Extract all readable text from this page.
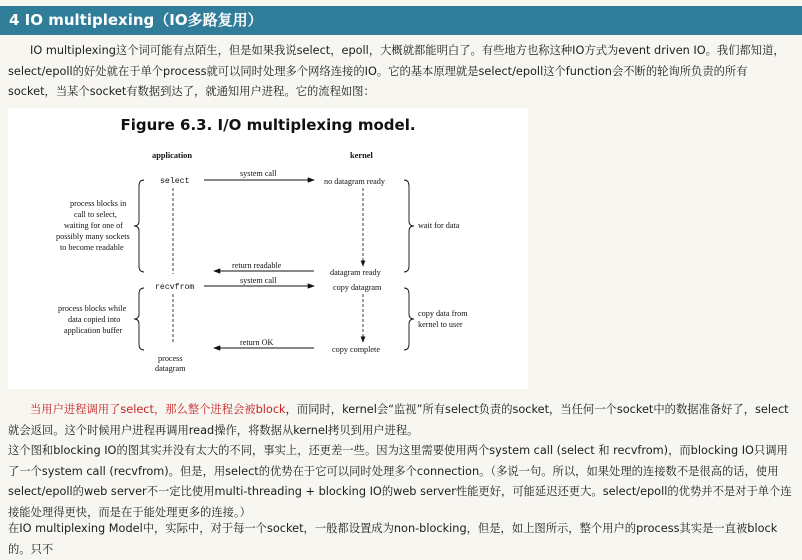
4 IO multiplexing（IO多路复用）
IO multiplexing这个词可能有点陌生，但是如果我说select，epoll，大概就都能明白了。有些地方也称这种IO方式为event driven IO。我们都知道，select/epoll的好处就在于单个process就可以同时处理多个网络连接的IO。它的基本原理就是select/epoll这个function会不断的轮询所负责的所有socket，当某个socket有数据到达了，就通知用户进程。它的流程如图：
Figure 6.3. I/O multiplexing model.
application	kernel
select
recvfrom
process
datagram
no datagram ready
datagram ready
copy datagram
copy complete
system call
return readable
system call
return OK
process blocks in
call to select,
waiting for one of
possibly many sockets
to become readable
process blocks while
data copied into
application buffer
wait for data
copy data from
kernel to user
当用户进程调用了select，那么整个进程会被block，而同时，kernel会“监视”所有select负责的socket，当任何一个socket中的数据准备好了，select就会返回。这个时候用户进程再调用read操作，将数据从kernel拷贝到用户进程。
这个图和blocking IO的图其实并没有太大的不同，事实上，还更差一些。因为这里需要使用两个system call (select 和 recvfrom)，而blocking IO只调用了一个system call (recvfrom)。但是，用select的优势在于它可以同时处理多个connection。（多说一句。所以，如果处理的连接数不是很高的话，使用select/epoll的web server不一定比使用multi-threading + blocking IO的web server性能更好，可能延迟还更大。select/epoll的优势并不是对于单个连接能处理得更快，而是在于能处理更多的连接。）
在IO multiplexing Model中，实际中，对于每一个socket，一般都设置成为non-blocking，但是，如上图所示，整个用户的process其实是一直被block的。只不
